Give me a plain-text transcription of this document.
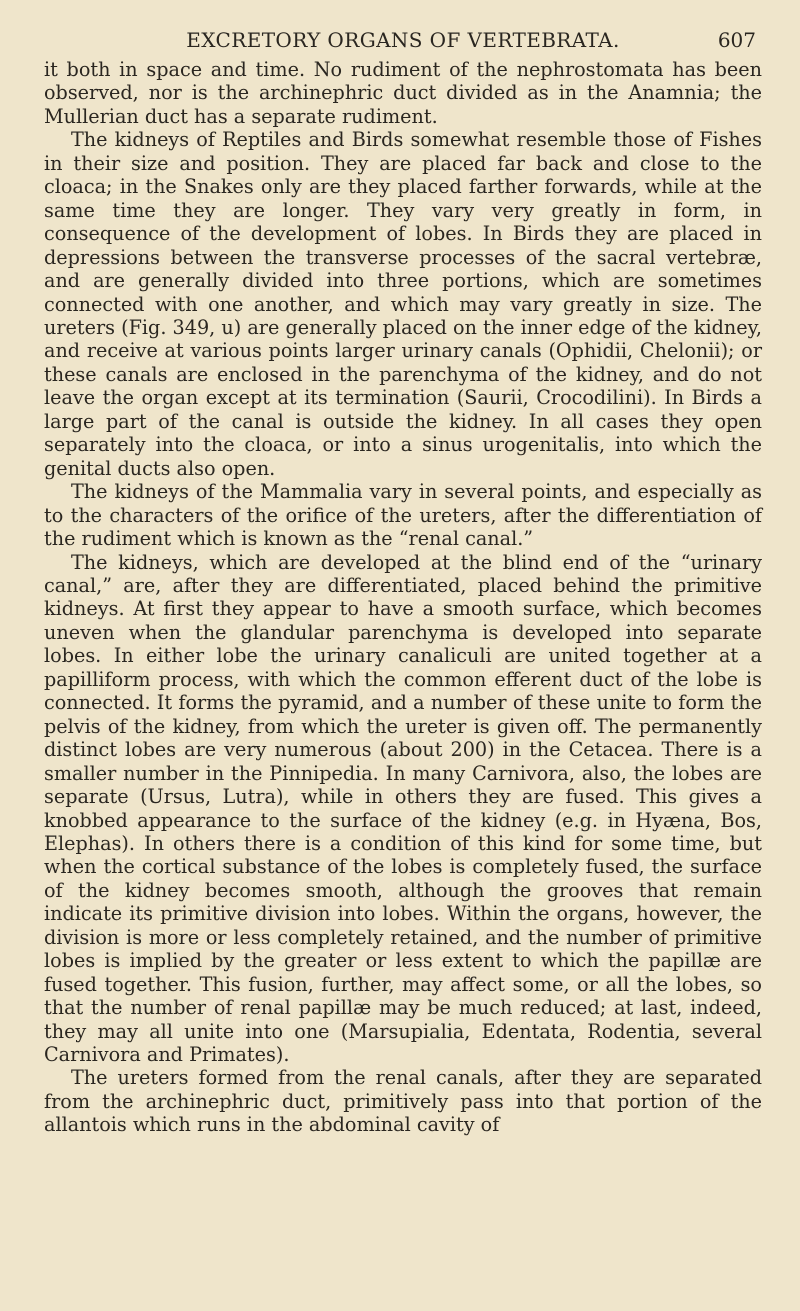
EXCRETORY ORGANS OF VERTEBRATA.	607

it both in space and time. No rudiment of the nephrostomata has been observed, nor is the archinephric duct divided as in the Anamnia; the Mullerian duct has a separate rudiment.

The kidneys of Reptiles and Birds somewhat resemble those of Fishes in their size and position. They are placed far back and close to the cloaca; in the Snakes only are they placed farther forwards, while at the same time they are longer. They vary very greatly in form, in consequence of the development of lobes. In Birds they are placed in depressions between the transverse processes of the sacral vertebræ, and are generally divided into three portions, which are sometimes connected with one another, and which may vary greatly in size. The ureters (Fig. 349, u) are generally placed on the inner edge of the kidney, and receive at various points larger urinary canals (Ophidii, Chelonii); or these canals are enclosed in the parenchyma of the kidney, and do not leave the organ except at its termination (Saurii, Crocodilini). In Birds a large part of the canal is outside the kidney. In all cases they open separately into the cloaca, or into a sinus urogenitalis, into which the genital ducts also open.

The kidneys of the Mammalia vary in several points, and especially as to the characters of the orifice of the ureters, after the differentiation of the rudiment which is known as the “renal canal.”

The kidneys, which are developed at the blind end of the “urinary canal,” are, after they are differentiated, placed behind the primitive kidneys. At first they appear to have a smooth surface, which becomes uneven when the glandular parenchyma is developed into separate lobes. In either lobe the urinary canaliculi are united together at a papilliform process, with which the common efferent duct of the lobe is connected. It forms the pyramid, and a number of these unite to form the pelvis of the kidney, from which the ureter is given off. The permanently distinct lobes are very numerous (about 200) in the Cetacea. There is a smaller number in the Pinnipedia. In many Carnivora, also, the lobes are separate (Ursus, Lutra), while in others they are fused. This gives a knobbed appearance to the surface of the kidney (e.g. in Hyæna, Bos, Elephas). In others there is a condition of this kind for some time, but when the cortical substance of the lobes is completely fused, the surface of the kidney becomes smooth, although the grooves that remain indicate its primitive division into lobes. Within the organs, however, the division is more or less completely retained, and the number of primitive lobes is implied by the greater or less extent to which the papillæ are fused together. This fusion, further, may affect some, or all the lobes, so that the number of renal papillæ may be much reduced; at last, indeed, they may all unite into one (Marsupialia, Edentata, Rodentia, several Carnivora and Primates).

The ureters formed from the renal canals, after they are separated from the archinephric duct, primitively pass into that portion of the allantois which runs in the abdominal cavity of
